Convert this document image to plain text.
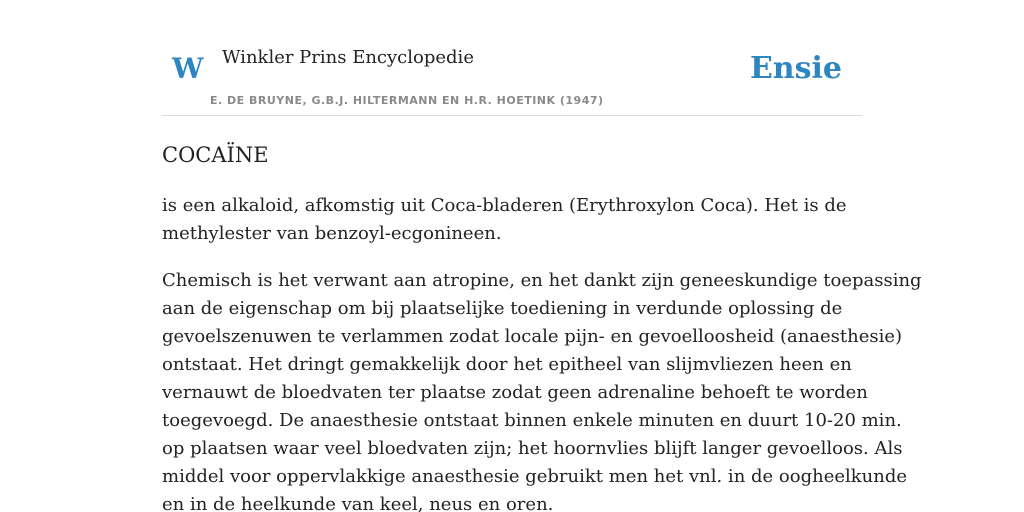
W Winkler Prins Encyclopedie
E. DE BRUYNE, G.B.J. HILTERMANN EN H.R. HOETINK (1947)
Ensie
COCAÏNE

is een alkaloid, afkomstig uit Coca-bladeren (Erythroxylon Coca). Het is de
methylester van benzoyl-ecgonineen.

Chemisch is het verwant aan atropine, en het dankt zijn geneeskundige toepassing
aan de eigenschap om bij plaatselijke toediening in verdunde oplossing de
gevoelszenuwen te verlammen zodat locale pijn- en gevoelloosheid (anaesthesie)
ontstaat. Het dringt gemakkelijk door het epitheel van slijmvliezen heen en
vernauwt de bloedvaten ter plaatse zodat geen adrenaline behoeft te worden
toegevoegd. De anaesthesie ontstaat binnen enkele minuten en duurt 10-20 min.
op plaatsen waar veel bloedvaten zijn; het hoornvlies blijft langer gevoelloos. Als
middel voor oppervlakkige anaesthesie gebruikt men het vnl. in de oogheelkunde
en in de heelkunde van keel, neus en oren.
